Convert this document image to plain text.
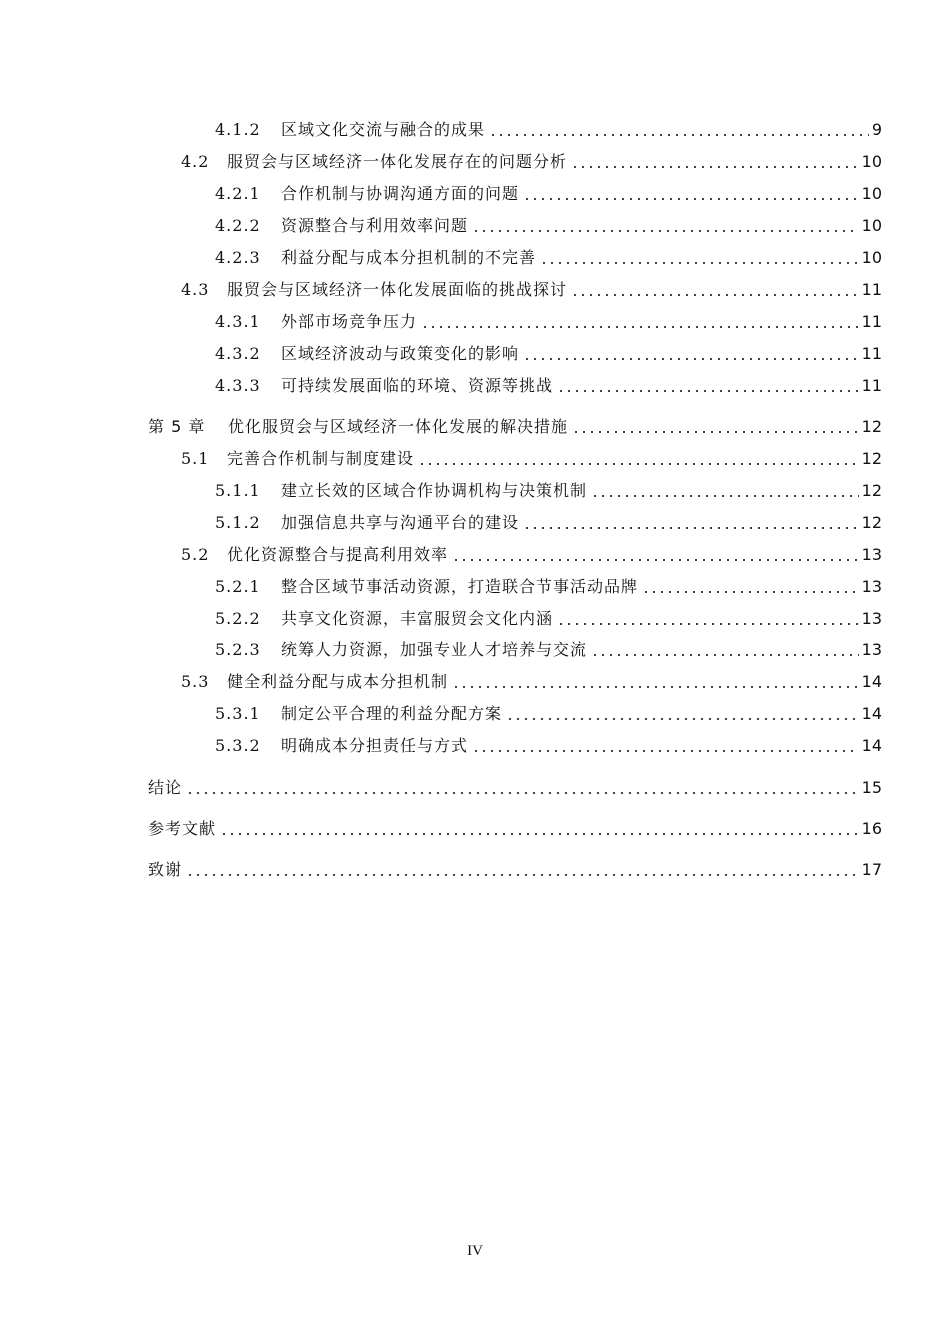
4.1.2	区域文化交流与融合的成果	9
4.2	服贸会与区域经济一体化发展存在的问题分析	10
4.2.1	合作机制与协调沟通方面的问题	10
4.2.2	资源整合与利用效率问题	10
4.2.3	利益分配与成本分担机制的不完善	10
4.3	服贸会与区域经济一体化发展面临的挑战探讨	11
4.3.1	外部市场竞争压力	11
4.3.2	区域经济波动与政策变化的影响	11
4.3.3	可持续发展面临的环境、资源等挑战	11
第 5 章	优化服贸会与区域经济一体化发展的解决措施	12
5.1	完善合作机制与制度建设	12
5.1.1	建立长效的区域合作协调机构与决策机制	12
5.1.2	加强信息共享与沟通平台的建设	12
5.2	优化资源整合与提高利用效率	13
5.2.1	整合区域节事活动资源，打造联合节事活动品牌	13
5.2.2	共享文化资源，丰富服贸会文化内涵	13
5.2.3	统筹人力资源，加强专业人才培养与交流	13
5.3	健全利益分配与成本分担机制	14
5.3.1	制定公平合理的利益分配方案	14
5.3.2	明确成本分担责任与方式	14
结论	15
参考文献	16
致谢	17
IV
